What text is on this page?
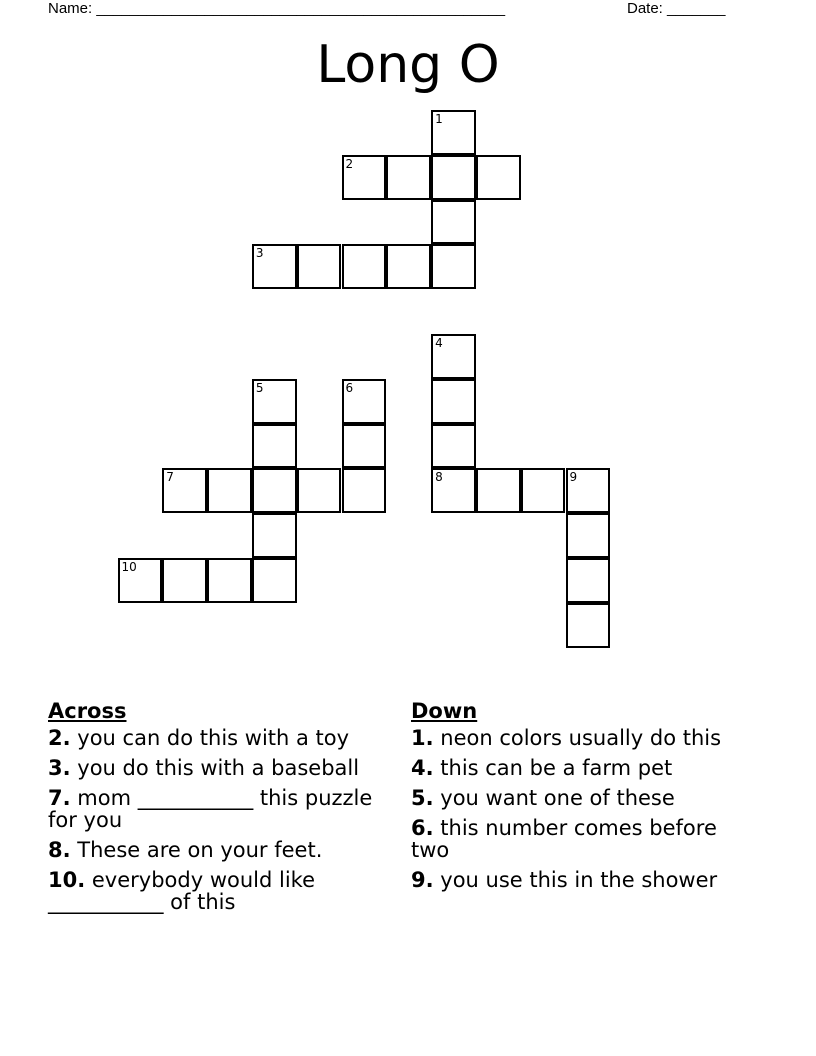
Name: _________________________________________________	Date: _______
Long O
1
2
3
4
5	6
7	8	9
10
Across
2. you can do this with a toy
3. you do this with a baseball
7. mom ___________ this puzzle for you
8. These are on your feet.
10. everybody would like ___________ of this
Down
1. neon colors usually do this
4. this can be a farm pet
5. you want one of these
6. this number comes before two
9. you use this in the shower
